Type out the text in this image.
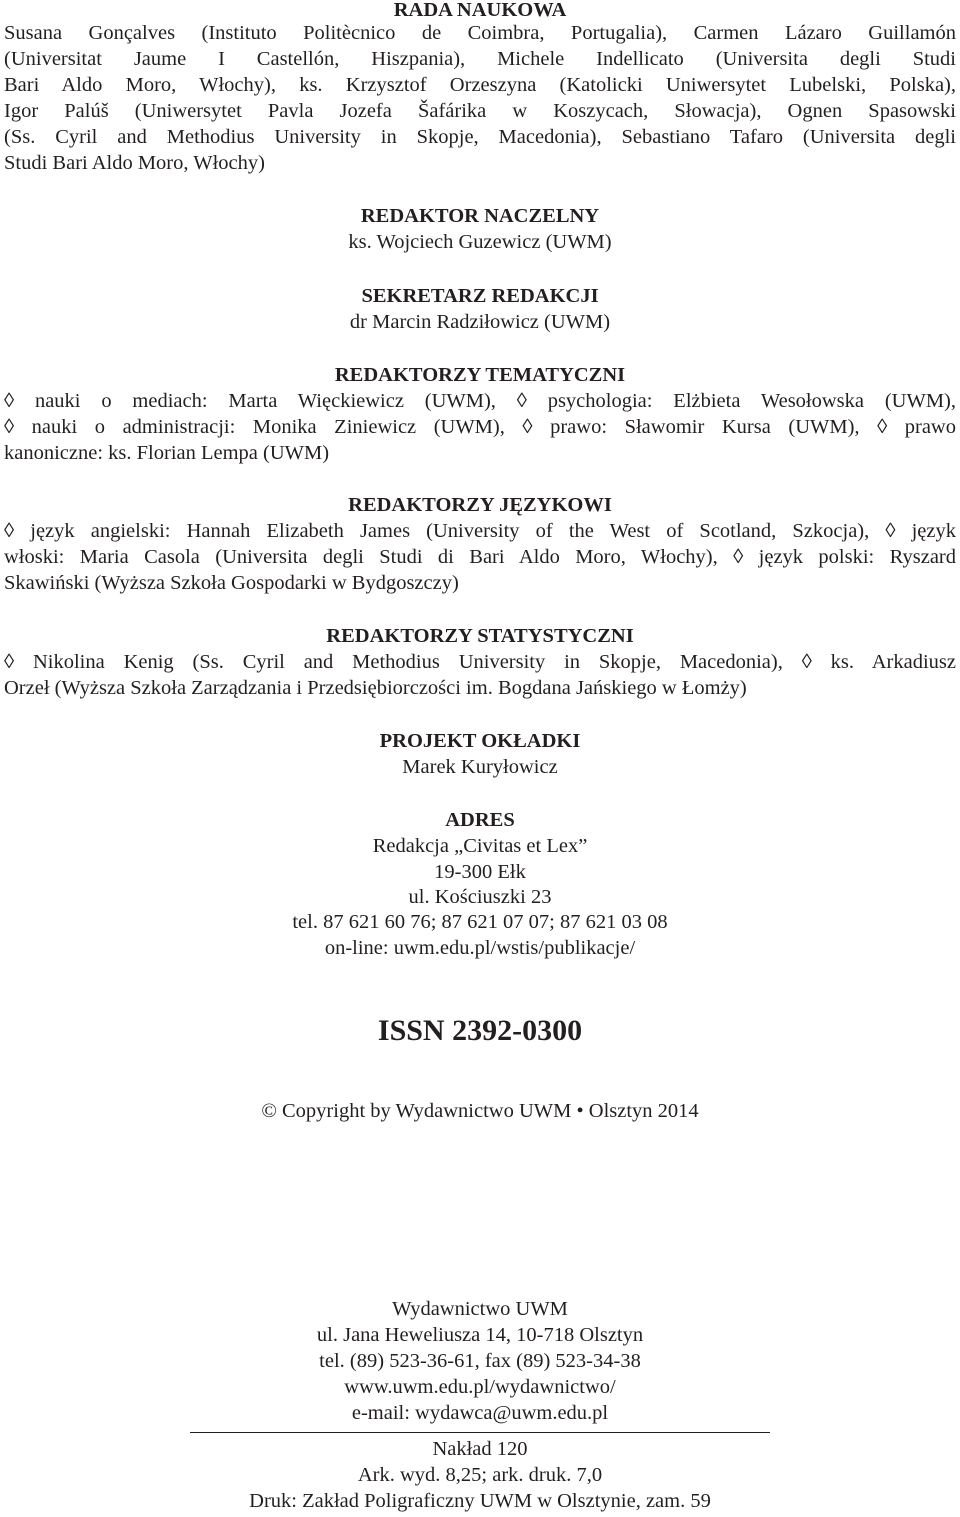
RADA NAUKOWA
Susana Gonçalves (Instituto Politècnico de Coimbra, Portugalia), Carmen Lázaro Guillamón
(Universitat Jaume I Castellón, Hiszpania), Michele Indellicato (Universita degli Studi
Bari Aldo Moro, Włochy), ks. Krzysztof Orzeszyna (Katolicki Uniwersytet Lubelski, Polska),
Igor Palúš (Uniwersytet Pavla Jozefa Šafárika w Koszycach, Słowacja), Ognen Spasowski
(Ss. Cyril and Methodius University in Skopje, Macedonia), Sebastiano Tafaro (Universita degli
Studi Bari Aldo Moro, Włochy)
REDAKTOR NACZELNY
ks. Wojciech Guzewicz (UWM)
SEKRETARZ REDAKCJI
dr Marcin Radziłowicz (UWM)
REDAKTORZY TEMATYCZNI
◊ nauki o mediach: Marta Więckiewicz (UWM), ◊ psychologia: Elżbieta Wesołowska (UWM),
◊ nauki o administracji: Monika Ziniewicz (UWM), ◊ prawo: Sławomir Kursa (UWM), ◊ prawo
kanoniczne: ks. Florian Lempa (UWM)
REDAKTORZY JĘZYKOWI
◊ język angielski: Hannah Elizabeth James (University of the West of Scotland, Szkocja), ◊ język
włoski: Maria Casola (Universita degli Studi di Bari Aldo Moro, Włochy), ◊ język polski: Ryszard
Skawiński (Wyższa Szkoła Gospodarki w Bydgoszczy)
REDAKTORZY STATYSTYCZNI
◊ Nikolina Kenig (Ss. Cyril and Methodius University in Skopje, Macedonia), ◊ ks. Arkadiusz
Orzeł (Wyższa Szkoła Zarządzania i Przedsiębiorczości im. Bogdana Jańskiego w Łomży)
PROJEKT OKŁADKI
Marek Kuryłowicz
ADRES
Redakcja „Civitas et Lex”
19-300 Ełk
ul. Kościuszki 23
tel. 87 621 60 76; 87 621 07 07; 87 621 03 08
on-line: uwm.edu.pl/wstis/publikacje/
ISSN 2392-0300
© Copyright by Wydawnictwo UWM • Olsztyn 2014
Wydawnictwo UWM
ul. Jana Heweliusza 14, 10-718 Olsztyn
tel. (89) 523-36-61, fax (89) 523-34-38
www.uwm.edu.pl/wydawnictwo/
e-mail: wydawca@uwm.edu.pl
Nakład 120
Ark. wyd. 8,25; ark. druk. 7,0
Druk: Zakład Poligraficzny UWM w Olsztynie, zam. 59
